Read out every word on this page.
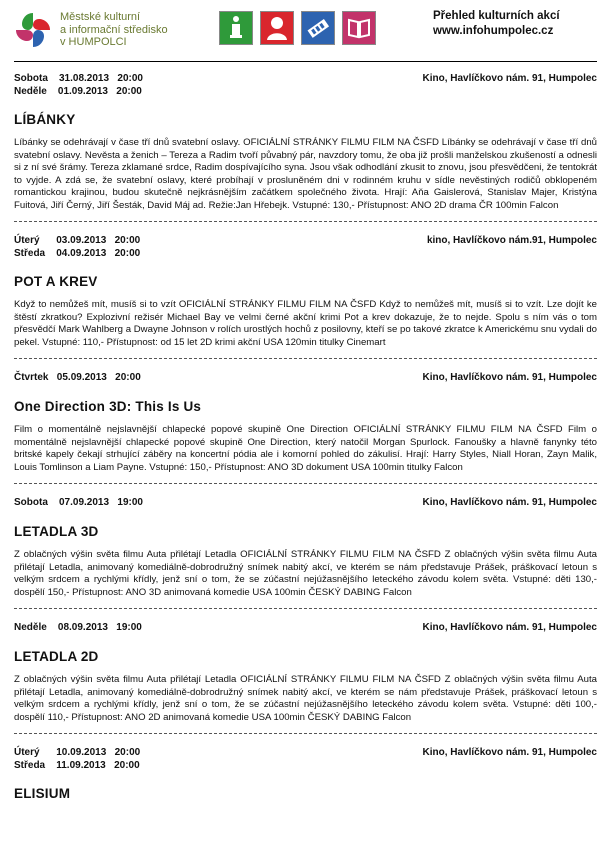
Městské kulturní
a informační středisko
v HUMPOLCI
Přehled kulturních akcí
www.infohumpolec.cz
Sobota    31.08.2013   20:00
Neděle    01.09.2013   20:00
Kino, Havlíčkovo nám. 91, Humpolec
LÍBÁNKY

Líbánky se odehrávají v čase tří dnů svatební oslavy. OFICIÁLNÍ STRÁNKY FILMU FILM NA ČSFD Líbánky se odehrávají v čase tří dnů svatební oslavy. Nevěsta a ženich – Tereza a Radim tvoří půvabný pár, navzdory tomu, že oba již prošli manželskou zkušeností a odnesli si z ní své šrámy. Tereza zklamané srdce, Radim dospívajícího syna. Jsou však odhodlání zkusit to znovu, jsou přesvědčeni, že tentokrát to vyjde. A zdá se, že svatební oslavy, které probíhají v prosluněném dni v rodinném kruhu v sídle nevěstiných rodičů obklopeném romantickou krajinou, budou skutečně nejkrásnějším začátkem společného života. Hrají: Aňa Gaislerová, Stanislav Majer, Kristýna Fuitová, Jiří Černý, Jiří Šesták, David Máj ad. Režie:Jan Hřebejk. Vstupné: 130,- Přístupnost: ANO 2D drama ČR 100min Falcon

Úterý      03.09.2013   20:00
Středa    04.09.2013   20:00
kino, Havlíčkovo nám.91, Humpolec
POT A KREV

Když to nemůžeš mít, musíš si to vzít OFICIÁLNÍ STRÁNKY FILMU FILM NA ČSFD Když to nemůžeš mít, musíš si to vzít. Lze dojít ke štěstí zkratkou? Explozivní režisér Michael Bay ve velmi černé akční krimi Pot a krev dokazuje, že to nejde. Spolu s ním vás o tom přesvědčí Mark Wahlberg a Dwayne Johnson v rolích urostlých hochů z posilovny, kteří se po takové zkratce k Americkému snu vydali do pekel. Vstupné: 110,- Přístupnost: od 15 let 2D krimi akční USA 120min titulky Cinemart

Čtvrtek   05.09.2013   20:00	Kino, Havlíčkovo nám. 91, Humpolec
One Direction 3D: This Is Us

Film o momentálně nejslavnější chlapecké popové skupině One Direction OFICIÁLNÍ STRÁNKY FILMU FILM NA ČSFD Film o momentálně nejslavnější chlapecké popové skupině One Direction, který natočil Morgan Spurlock. Fanoušky a hlavně fanynky této britské kapely čekají strhující záběry na koncertní pódia ale i komorní pohled do zákulisí. Hrají: Harry Styles, Niall Horan, Zayn Malik, Louis Tomlinson a Liam Payne. Vstupné: 150,- Přístupnost: ANO 3D dokument USA 100min titulky Falcon

Sobota    07.09.2013   19:00	Kino, Havlíčkovo nám. 91, Humpolec
LETADLA 3D

Z oblačných výšin světa filmu Auta přilétají Letadla OFICIÁLNÍ STRÁNKY FILMU FILM NA ČSFD Z oblačných výšin světa filmu Auta přilétají Letadla, animovaný komediálně-dobrodružný snímek nabitý akcí, ve kterém se nám představuje Prášek, práškovací letoun s velkým srdcem a rychlými křídly, jenž sní o tom, že se zúčastní nejúžasnějšího leteckého závodu kolem světa. Vstupné: děti 130,- dospělí 150,- Přístupnost: ANO 3D animovaná komedie USA 100min ČESKÝ DABING Falcon

Neděle    08.09.2013   19:00	Kino, Havlíčkovo nám. 91, Humpolec
LETADLA 2D

Z oblačných výšin světa filmu Auta přilétají Letadla OFICIÁLNÍ STRÁNKY FILMU FILM NA ČSFD Z oblačných výšin světa filmu Auta přilétají Letadla, animovaný komediálně-dobrodružný snímek nabitý akcí, ve kterém se nám představuje Prášek, práškovací letoun s velkým srdcem a rychlými křídly, jenž sní o tom, že se zúčastní nejúžasnějšího leteckého závodu kolem světa. Vstupné: děti 100,- dospělí 110,- Přístupnost: ANO 2D animovaná komedie USA 100min ČESKÝ DABING Falcon

Úterý      10.09.2013   20:00
Středa    11.09.2013   20:00
Kino, Havlíčkovo nám. 91, Humpolec
ELISIUM
